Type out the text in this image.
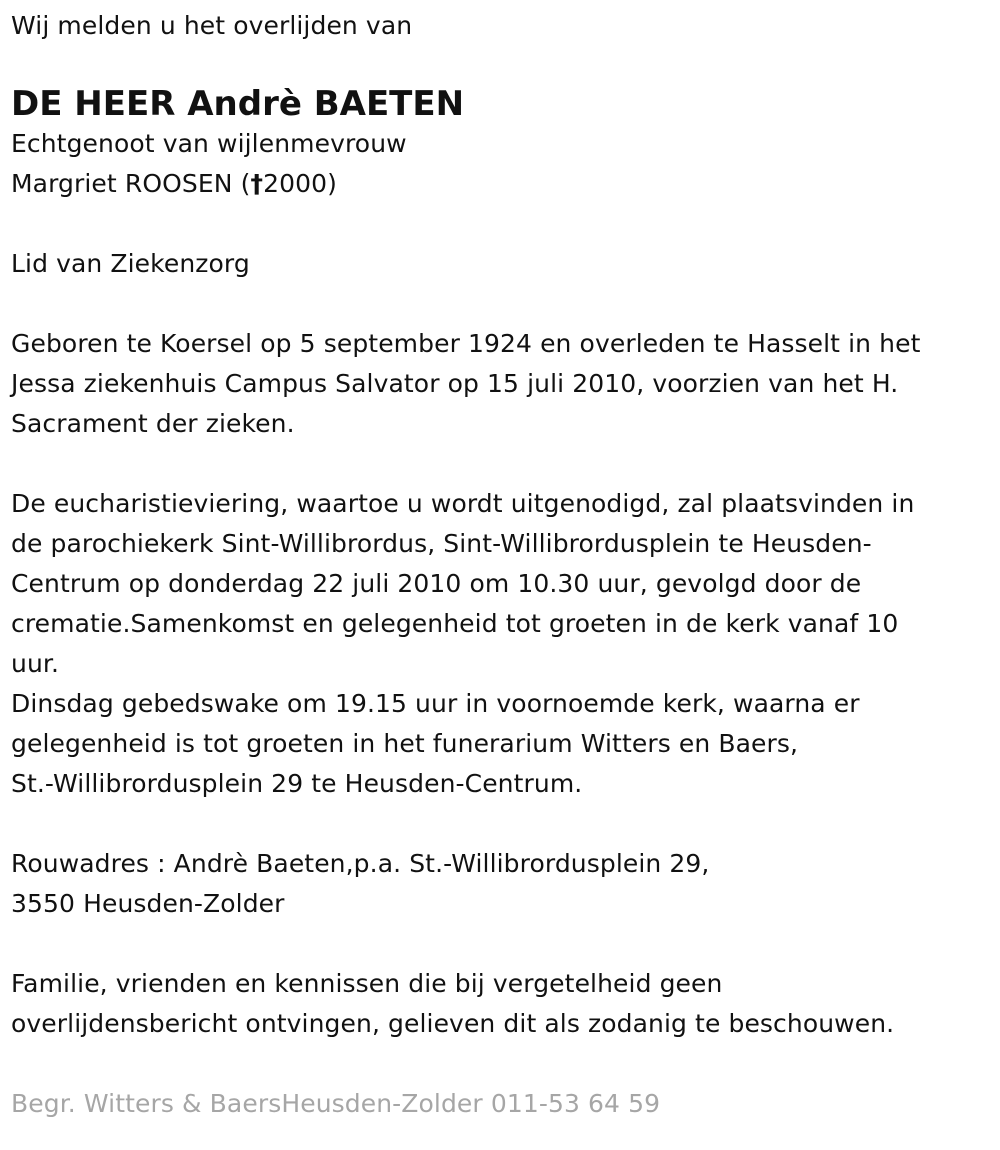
Wij melden u het overlijden van
DE HEER Andrè BAETEN
Echtgenoot van wijlenmevrouw
Margriet ROOSEN (†2000)
Lid van Ziekenzorg
Geboren te Koersel op 5 september 1924 en overleden te Hasselt in het
Jessa ziekenhuis Campus Salvator op 15 juli 2010, voorzien van het H.
Sacrament der zieken.
De eucharistieviering, waartoe u wordt uitgenodigd, zal plaatsvinden in
de parochiekerk Sint-Willibrordus, Sint-Willibrordusplein te Heusden-
Centrum op donderdag 22 juli 2010 om 10.30 uur, gevolgd door de
crematie.Samenkomst en gelegenheid tot groeten in de kerk vanaf 10
uur.
Dinsdag gebedswake om 19.15 uur in voornoemde kerk, waarna er
gelegenheid is tot groeten in het funerarium Witters en Baers,
St.-Willibrordusplein 29 te Heusden-Centrum.
Rouwadres : Andrè Baeten,p.a. St.-Willibrordusplein 29,
3550 Heusden-Zolder
Familie, vrienden en kennissen die bij vergetelheid geen
overlijdensbericht ontvingen, gelieven dit als zodanig te beschouwen.
Begr. Witters & BaersHeusden-Zolder 011-53 64 59
